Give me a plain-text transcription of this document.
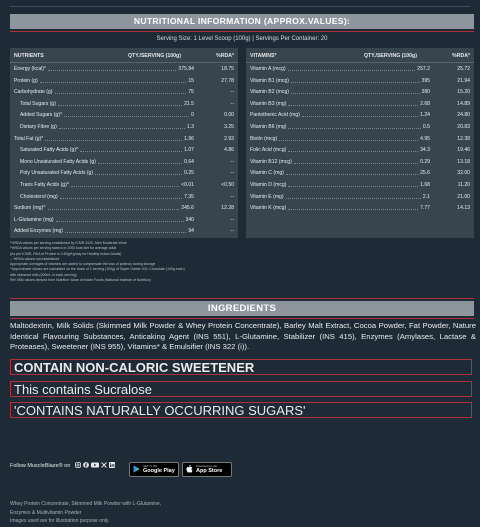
NUTRITIONAL INFORMATION (APPROX.VALUES):
Serving Size: 1 Level Scoop (100g) | Servings Per Container: 20
NUTRIENTS	QTY./SERVING (100g)	%RDA*
Energy (kcal)*	375.84	18.75
Protein (g)	15	27.78
Carbohydrate (g)	75	--
Total Sugars (g)	21.5	--
Added Sugars (g)^	0	0.00
Dietary Fibre (g)	1.3	3.25
Total Fat (g)*	1.96	2.93
Saturated Fatty Acids (g)^	1.07	4.86
Mono Unsaturated Fatty Acids (g)	0.64	--
Poly Unsaturated Fatty Acids (g)	0.25	--
Trans Fatty Acids (g)^	<0.01	<0.50
Cholesterol (mg)	7.35	--
Sodium (mg)^	245.6	12.28
L-Glutamine (mg)	340	--
Added Enzymes (mg)	94	--
VITAMINS*	QTY./SERVING (100g)	%RDA*
Vitamin A (mcg)	257.2	25.72
Vitamin B1 (mcg)	395	21.94
Vitamin B2 (mcg)	380	15.20
Vitamin B3 (mg)	2.68	14.89
Pantothenic Acid (mg)	1.24	24.80
Vitamin B6 (mg)	0.5	20.83
Biotin (mcg)	4.95	12.38
Folic Acid (mcg)	34.3	19.46
Vitamin B12 (mcg)	0.29	13.18
Vitamin C (mg)	25.6	32.00
Vitamin D (mcg)	1.68	11.20
Vitamin E (mg)	2.1	21.00
Vitamin K (mcg)	7.77	14.13
*%RDA values per serving established by ICMR 2020, Men Moderate Work
*%RDA values per serving based on 2000 kcal diet for average adult
(As per ICMR, RDA of Protein is 0.83g/Kg/day for Healthy Indian Adults)
-- %RDA values not established
Appropriate overages of vitamins are added to compensate the loss of potency during storage
^Approximate values are calculated on the basis of 1 serving (100g) of Super Gainer XXL Chocolate (100g each)
with skimmed milk (200mL in each serving)
Ref: Milk values derived from Nutritive Value of Indian Foods (National Institute of Nutrition)
INGREDIENTS
Maltodextrin, Milk Solids (Skimmed Milk Powder & Whey Protein Concentrate), Barley Malt Extract, Cocoa Powder, Fat Powder, Nature Identical Flavouring Substances, Anticaking Agent (INS 551), L-Glutamine, Stabilizer (INS 415), Enzymes (Amylases, Lactase & Proteases), Sweetener (INS 955), Vitamins* & Emulsifier (INS 322 (i)).
CONTAIN NON-CALORIC SWEETENER
This contains Sucralose
'CONTAINS NATURALLY OCCURRING SUGARS'
Follow MuscleBlaze® on	GET IT ON
Google Play
Download on the
App Store
Whey Protein Concentrate, Skimmed Milk Powder with L-Glutamine,
Enzymes & Multivitamin Powder
Images used are for illustration purpose only.
